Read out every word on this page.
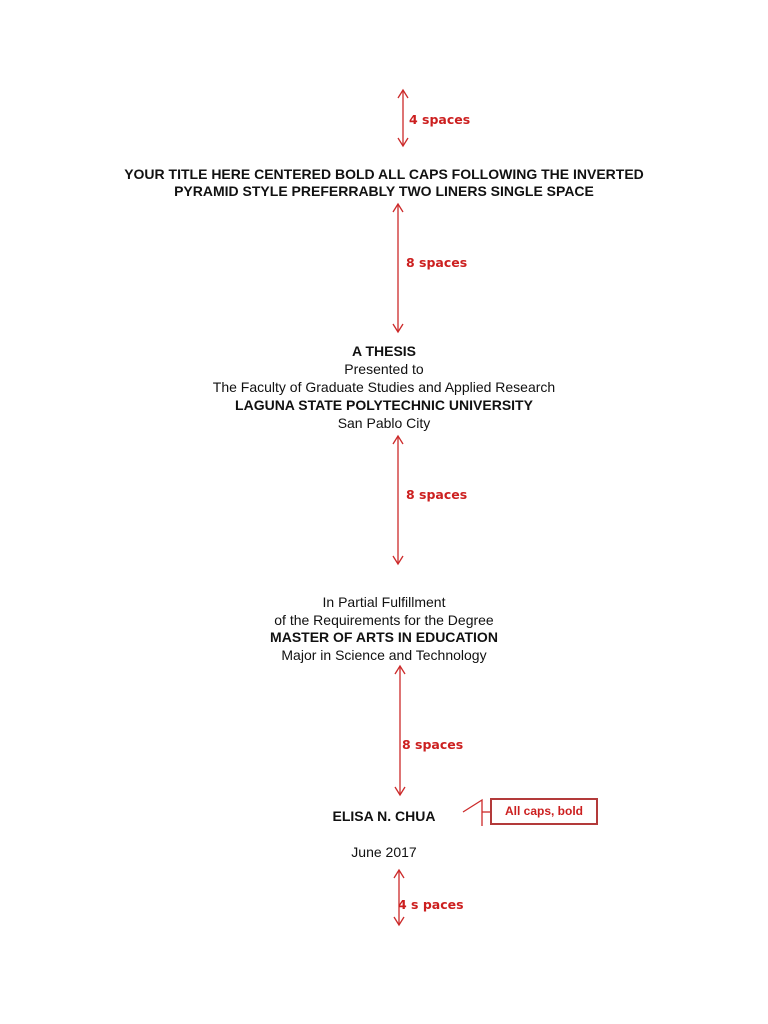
4 spaces
8 spaces
8 spaces
8 spaces
4 s paces
YOUR TITLE HERE CENTERED BOLD ALL CAPS FOLLOWING THE INVERTED
PYRAMID STYLE PREFERRABLY TWO LINERS SINGLE SPACE
A THESIS
Presented to
The Faculty of Graduate Studies and Applied Research
LAGUNA STATE POLYTECHNIC UNIVERSITY
San Pablo City
In Partial Fulfillment
of the Requirements for the Degree
MASTER OF ARTS IN EDUCATION
Major in Science and Technology
ELISA N. CHUA
June 2017
All caps, bold
